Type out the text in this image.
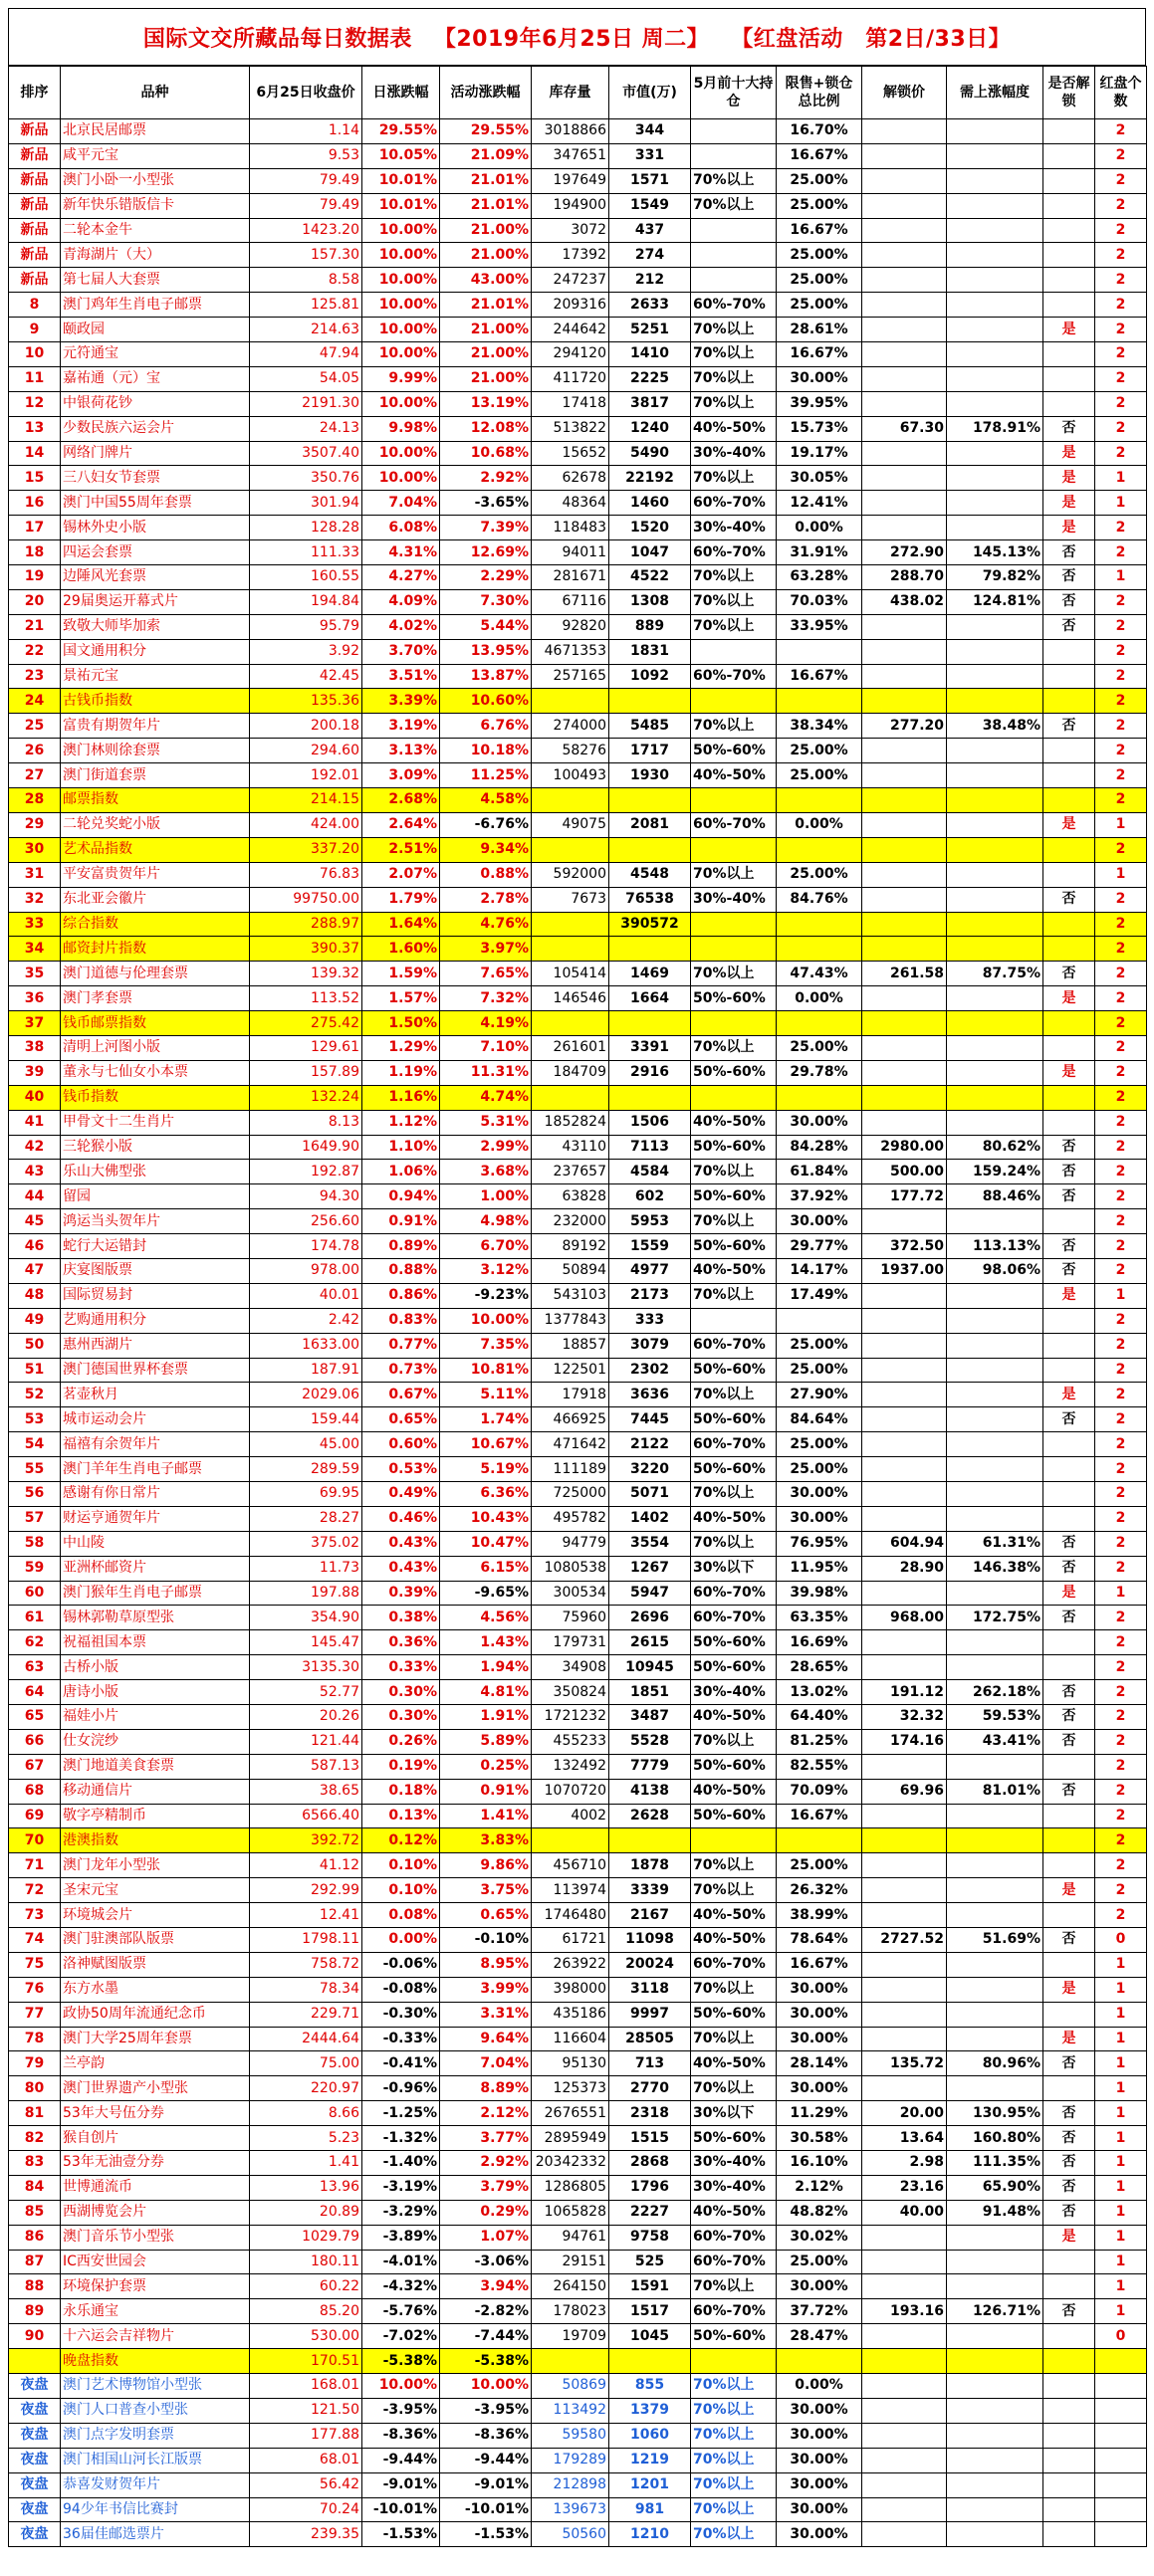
国际文交所藏品每日数据表 【2019年6月25日 周二】 【红盘活动　第2日/33日】
排序	品种	6月25日收盘价	日涨跌幅	活动涨跌幅	库存量	市值(万)	5月前十大持仓	限售+锁仓总比例	解锁价	需上涨幅度	是否解锁	红盘个数
新品	北京民居邮票	1.14	29.55%	29.55%	3018866	344		16.70%				2
新品	咸平元宝	9.53	10.05%	21.09%	347651	331		16.67%				2
新品	澳门小卧一小型张	79.49	10.01%	21.01%	197649	1571	70%以上	25.00%				2
新品	新年快乐错版信卡	79.49	10.01%	21.01%	194900	1549	70%以上	25.00%				2
新品	二轮本金牛	1423.20	10.00%	21.00%	3072	437		16.67%				2
新品	青海湖片（大）	157.30	10.00%	21.00%	17392	274		25.00%				2
新品	第七届人大套票	8.58	10.00%	43.00%	247237	212		25.00%				2
8	澳门鸡年生肖电子邮票	125.81	10.00%	21.01%	209316	2633	60%-70%	25.00%				2
9	颐政园	214.63	10.00%	21.00%	244642	5251	70%以上	28.61%			是	2
10	元符通宝	47.94	10.00%	21.00%	294120	1410	70%以上	16.67%				2
11	嘉祐通（元）宝	54.05	9.99%	21.00%	411720	2225	70%以上	30.00%				2
12	中银荷花钞	2191.30	10.00%	13.19%	17418	3817	70%以上	39.95%				2
13	少数民族六运会片	24.13	9.98%	12.08%	513822	1240	40%-50%	15.73%	67.30	178.91%	否	2
14	网络门牌片	3507.40	10.00%	10.68%	15652	5490	30%-40%	19.17%			是	2
15	三八妇女节套票	350.76	10.00%	2.92%	62678	22192	70%以上	30.05%			是	1
16	澳门中国55周年套票	301.94	7.04%	-3.65%	48364	1460	60%-70%	12.41%			是	1
17	锡林外史小版	128.28	6.08%	7.39%	118483	1520	30%-40%	0.00%			是	2
18	四运会套票	111.33	4.31%	12.69%	94011	1047	60%-70%	31.91%	272.90	145.13%	否	2
19	边陲风光套票	160.55	4.27%	2.29%	281671	4522	70%以上	63.28%	288.70	79.82%	否	1
20	29届奥运开幕式片	194.84	4.09%	7.30%	67116	1308	70%以上	70.03%	438.02	124.81%	否	2
21	致敬大师毕加索	95.79	4.02%	5.44%	92820	889	70%以上	33.95%			否	2
22	国文通用积分	3.92	3.70%	13.95%	4671353	1831						2
23	景祐元宝	42.45	3.51%	13.87%	257165	1092	60%-70%	16.67%				2
24	古钱币指数	135.36	3.39%	10.60%								2
25	富贵有期贺年片	200.18	3.19%	6.76%	274000	5485	70%以上	38.34%	277.20	38.48%	否	2
26	澳门林则徐套票	294.60	3.13%	10.18%	58276	1717	50%-60%	25.00%				2
27	澳门街道套票	192.01	3.09%	11.25%	100493	1930	40%-50%	25.00%				2
28	邮票指数	214.15	2.68%	4.58%								2
29	二轮兑奖蛇小版	424.00	2.64%	-6.76%	49075	2081	60%-70%	0.00%			是	1
30	艺术品指数	337.20	2.51%	9.34%								2
31	平安富贵贺年片	76.83	2.07%	0.88%	592000	4548	70%以上	25.00%				1
32	东北亚会徽片	99750.00	1.79%	2.78%	7673	76538	30%-40%	84.76%			否	2
33	综合指数	288.97	1.64%	4.76%		390572						2
34	邮资封片指数	390.37	1.60%	3.97%								2
35	澳门道德与伦理套票	139.32	1.59%	7.65%	105414	1469	70%以上	47.43%	261.58	87.75%	否	2
36	澳门孝套票	113.52	1.57%	7.32%	146546	1664	50%-60%	0.00%			是	2
37	钱币邮票指数	275.42	1.50%	4.19%								2
38	清明上河图小版	129.61	1.29%	7.10%	261601	3391	70%以上	25.00%				2
39	董永与七仙女小本票	157.89	1.19%	11.31%	184709	2916	50%-60%	29.78%			是	2
40	钱币指数	132.24	1.16%	4.74%								2
41	甲骨文十二生肖片	8.13	1.12%	5.31%	1852824	1506	40%-50%	30.00%				2
42	三轮猴小版	1649.90	1.10%	2.99%	43110	7113	50%-60%	84.28%	2980.00	80.62%	否	2
43	乐山大佛型张	192.87	1.06%	3.68%	237657	4584	70%以上	61.84%	500.00	159.24%	否	2
44	留园	94.30	0.94%	1.00%	63828	602	50%-60%	37.92%	177.72	88.46%	否	2
45	鸿运当头贺年片	256.60	0.91%	4.98%	232000	5953	70%以上	30.00%				2
46	蛇行大运错封	174.78	0.89%	6.70%	89192	1559	50%-60%	29.77%	372.50	113.13%	否	2
47	庆宴图版票	978.00	0.88%	3.12%	50894	4977	40%-50%	14.17%	1937.00	98.06%	否	2
48	国际贸易封	40.01	0.86%	-9.23%	543103	2173	70%以上	17.49%			是	1
49	艺购通用积分	2.42	0.83%	10.00%	1377843	333						2
50	惠州西湖片	1633.00	0.77%	7.35%	18857	3079	60%-70%	25.00%				2
51	澳门德国世界杯套票	187.91	0.73%	10.81%	122501	2302	50%-60%	25.00%				2
52	茗壶秋月	2029.06	0.67%	5.11%	17918	3636	70%以上	27.90%			是	2
53	城市运动会片	159.44	0.65%	1.74%	466925	7445	50%-60%	84.64%			否	2
54	福禧有余贺年片	45.00	0.60%	10.67%	471642	2122	60%-70%	25.00%				2
55	澳门羊年生肖电子邮票	289.59	0.53%	5.19%	111189	3220	50%-60%	25.00%				2
56	感谢有你日常片	69.95	0.49%	6.36%	725000	5071	70%以上	30.00%				2
57	财运亨通贺年片	28.27	0.46%	10.43%	495782	1402	40%-50%	30.00%				2
58	中山陵	375.02	0.43%	10.47%	94779	3554	70%以上	76.95%	604.94	61.31%	否	2
59	亚洲杯邮资片	11.73	0.43%	6.15%	1080538	1267	30%以下	11.95%	28.90	146.38%	否	2
60	澳门猴年生肖电子邮票	197.88	0.39%	-9.65%	300534	5947	60%-70%	39.98%			是	1
61	锡林郭勒草原型张	354.90	0.38%	4.56%	75960	2696	60%-70%	63.35%	968.00	172.75%	否	2
62	祝福祖国本票	145.47	0.36%	1.43%	179731	2615	50%-60%	16.69%				2
63	古桥小版	3135.30	0.33%	1.94%	34908	10945	50%-60%	28.65%				2
64	唐诗小版	52.77	0.30%	4.81%	350824	1851	30%-40%	13.02%	191.12	262.18%	否	2
65	福娃小片	20.26	0.30%	1.91%	1721232	3487	40%-50%	64.40%	32.32	59.53%	否	2
66	仕女浣纱	121.44	0.26%	5.89%	455233	5528	70%以上	81.25%	174.16	43.41%	否	2
67	澳门地道美食套票	587.13	0.19%	0.25%	132492	7779	50%-60%	82.55%				2
68	移动通信片	38.65	0.18%	0.91%	1070720	4138	40%-50%	70.09%	69.96	81.01%	否	2
69	敬字亭精制币	6566.40	0.13%	1.41%	4002	2628	50%-60%	16.67%				2
70	港澳指数	392.72	0.12%	3.83%								2
71	澳门龙年小型张	41.12	0.10%	9.86%	456710	1878	70%以上	25.00%				2
72	圣宋元宝	292.99	0.10%	3.75%	113974	3339	70%以上	26.32%			是	2
73	环境城会片	12.41	0.08%	0.65%	1746480	2167	40%-50%	38.99%				2
74	澳门驻澳部队版票	1798.11	0.00%	-0.10%	61721	11098	40%-50%	78.64%	2727.52	51.69%	否	0
75	洛神赋图版票	758.72	-0.06%	8.95%	263922	20024	60%-70%	16.67%				1
76	东方水墨	78.34	-0.08%	3.99%	398000	3118	70%以上	30.00%			是	1
77	政协50周年流通纪念币	229.71	-0.30%	3.31%	435186	9997	50%-60%	30.00%				1
78	澳门大学25周年套票	2444.64	-0.33%	9.64%	116604	28505	70%以上	30.00%			是	1
79	兰亭韵	75.00	-0.41%	7.04%	95130	713	40%-50%	28.14%	135.72	80.96%	否	1
80	澳门世界遗产小型张	220.97	-0.96%	8.89%	125373	2770	70%以上	30.00%				1
81	53年大号伍分券	8.66	-1.25%	2.12%	2676551	2318	30%以下	11.29%	20.00	130.95%	否	1
82	猴自创片	5.23	-1.32%	3.77%	2895949	1515	50%-60%	30.58%	13.64	160.80%	否	1
83	53年无油壹分券	1.41	-1.40%	2.92%	20342332	2868	30%-40%	16.10%	2.98	111.35%	否	1
84	世博通流币	13.96	-3.19%	3.79%	1286805	1796	30%-40%	2.12%	23.16	65.90%	否	1
85	西湖博览会片	20.89	-3.29%	0.29%	1065828	2227	40%-50%	48.82%	40.00	91.48%	否	1
86	澳门音乐节小型张	1029.79	-3.89%	1.07%	94761	9758	60%-70%	30.02%			是	1
87	IC西安世园会	180.11	-4.01%	-3.06%	29151	525	60%-70%	25.00%				1
88	环境保护套票	60.22	-4.32%	3.94%	264150	1591	70%以上	30.00%				1
89	永乐通宝	85.20	-5.76%	-2.82%	178023	1517	60%-70%	37.72%	193.16	126.71%	否	1
90	十六运会吉祥物片	530.00	-7.02%	-7.44%	19709	1045	50%-60%	28.47%				0
	晚盘指数	170.51	-5.38%	-5.38%								
夜盘	澳门艺术博物馆小型张	168.01	10.00%	10.00%	50869	855	70%以上	0.00%				
夜盘	澳门人口普查小型张	121.50	-3.95%	-3.95%	113492	1379	70%以上	30.00%				
夜盘	澳门点字发明套票	177.88	-8.36%	-8.36%	59580	1060	70%以上	30.00%				
夜盘	澳门相国山河长江版票	68.01	-9.44%	-9.44%	179289	1219	70%以上	30.00%				
夜盘	恭喜发财贺年片	56.42	-9.01%	-9.01%	212898	1201	70%以上	30.00%				
夜盘	94少年书信比赛封	70.24	-10.01%	-10.01%	139673	981	70%以上	30.00%				
夜盘	36届佳邮选票片	239.35	-1.53%	-1.53%	50560	1210	70%以上	30.00%				
